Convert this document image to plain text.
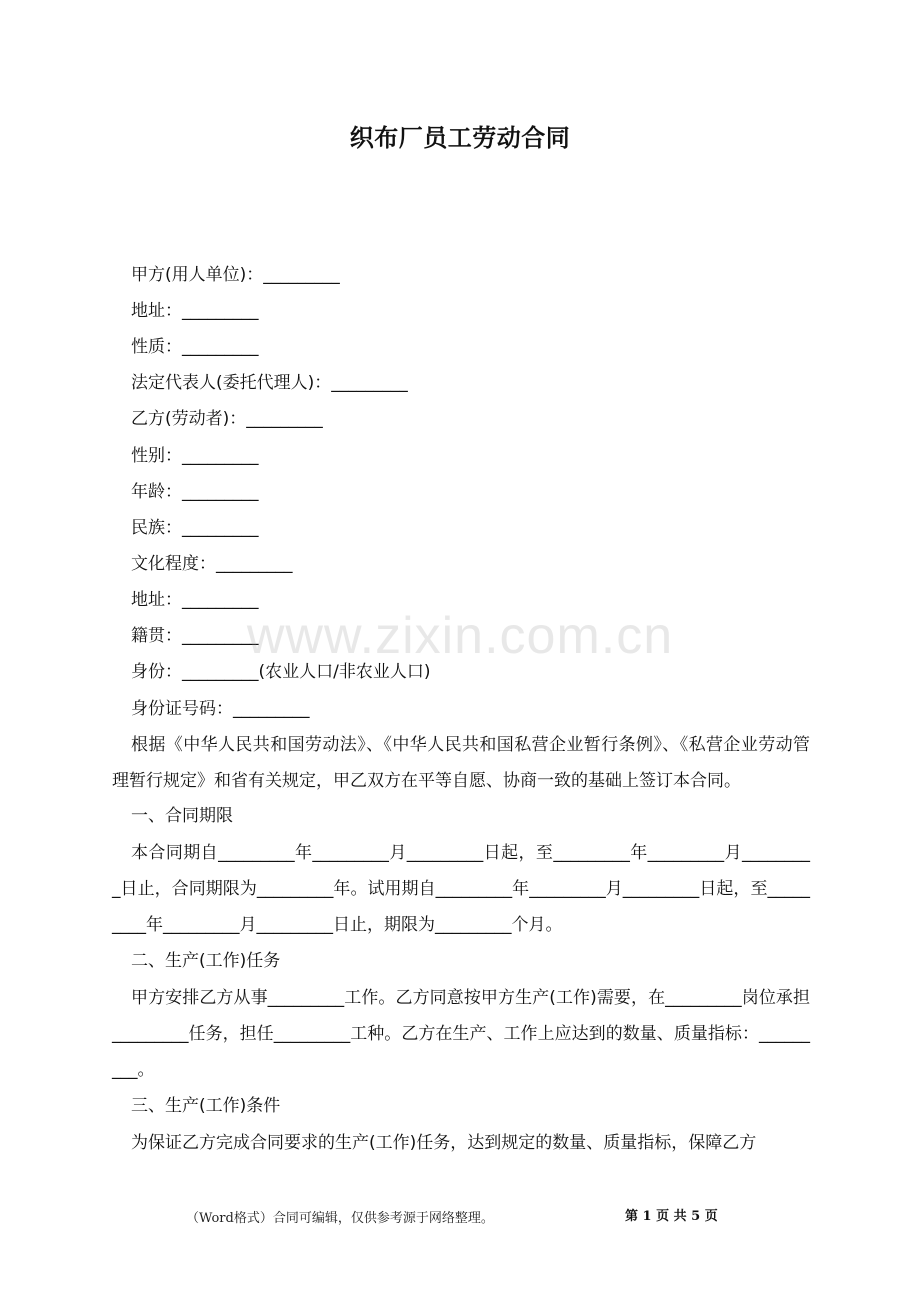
织布厂员工劳动合同
甲方(用人单位)：_________
地址：_________
性质：_________
法定代表人(委托代理人)：_________
乙方(劳动者)：_________
性别：_________
年龄：_________
民族：_________
文化程度：_________
地址：_________
籍贯：_________
身份：_________(农业人口/非农业人口)
身份证号码：_________
根据《中华人民共和国劳动法》、《中华人民共和国私营企业暂行条例》、《私营企业劳动管理暂行规定》和省有关规定，甲乙双方在平等自愿、协商一致的基础上签订本合同。
一、合同期限
本合同期自_________年_________月_________日起，至_________年_________月_________日止，合同期限为_________年。试用期自_________年_________月_________日起，至_________年_________月_________日止，期限为_________个月。
二、生产(工作)任务
甲方安排乙方从事_________工作。乙方同意按甲方生产(工作)需要，在_________岗位承担_________任务，担任_________工种。乙方在生产、工作上应达到的数量、质量指标：_________。
三、生产(工作)条件
为保证乙方完成合同要求的生产(工作)任务，达到规定的数量、质量指标，保障乙方
www.zixin.com.cn
（Word格式）合同可编辑，仅供参考源于网络整理。	第 1 页 共 5 页
